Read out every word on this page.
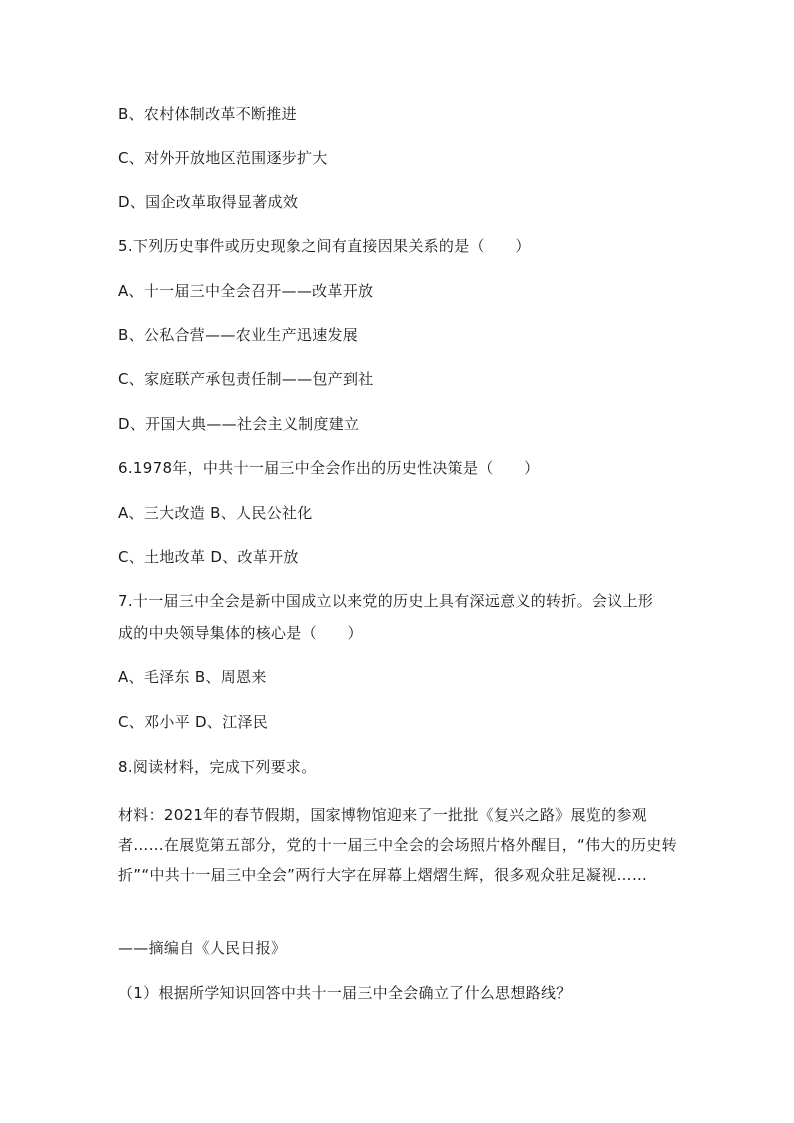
B、农村体制改革不断推进
C、对外开放地区范围逐步扩大
D、国企改革取得显著成效
5.下列历史事件或历史现象之间有直接因果关系的是（　　）
A、十一届三中全会召开——改革开放
B、公私合营——农业生产迅速发展
C、家庭联产承包责任制——包产到社
D、开国大典——社会主义制度建立
6.1978年，中共十一届三中全会作出的历史性决策是（　　）
A、三大改造 B、人民公社化
C、土地改革 D、改革开放
7.十一届三中全会是新中国成立以来党的历史上具有深远意义的转折。会议上形
成的中央领导集体的核心是（　　）
A、毛泽东 B、周恩来
C、邓小平 D、江泽民
8.阅读材料，完成下列要求。
材料：2021年的春节假期，国家博物馆迎来了一批批《复兴之路》展览的参观者……在展览第五部分，党的十一届三中全会的会场照片格外醒目，“伟大的历史转折”“中共十一届三中全会”两行大字在屏幕上熠熠生辉，很多观众驻足凝视……
——摘编自《人民日报》
（1）根据所学知识回答中共十一届三中全会确立了什么思想路线？
